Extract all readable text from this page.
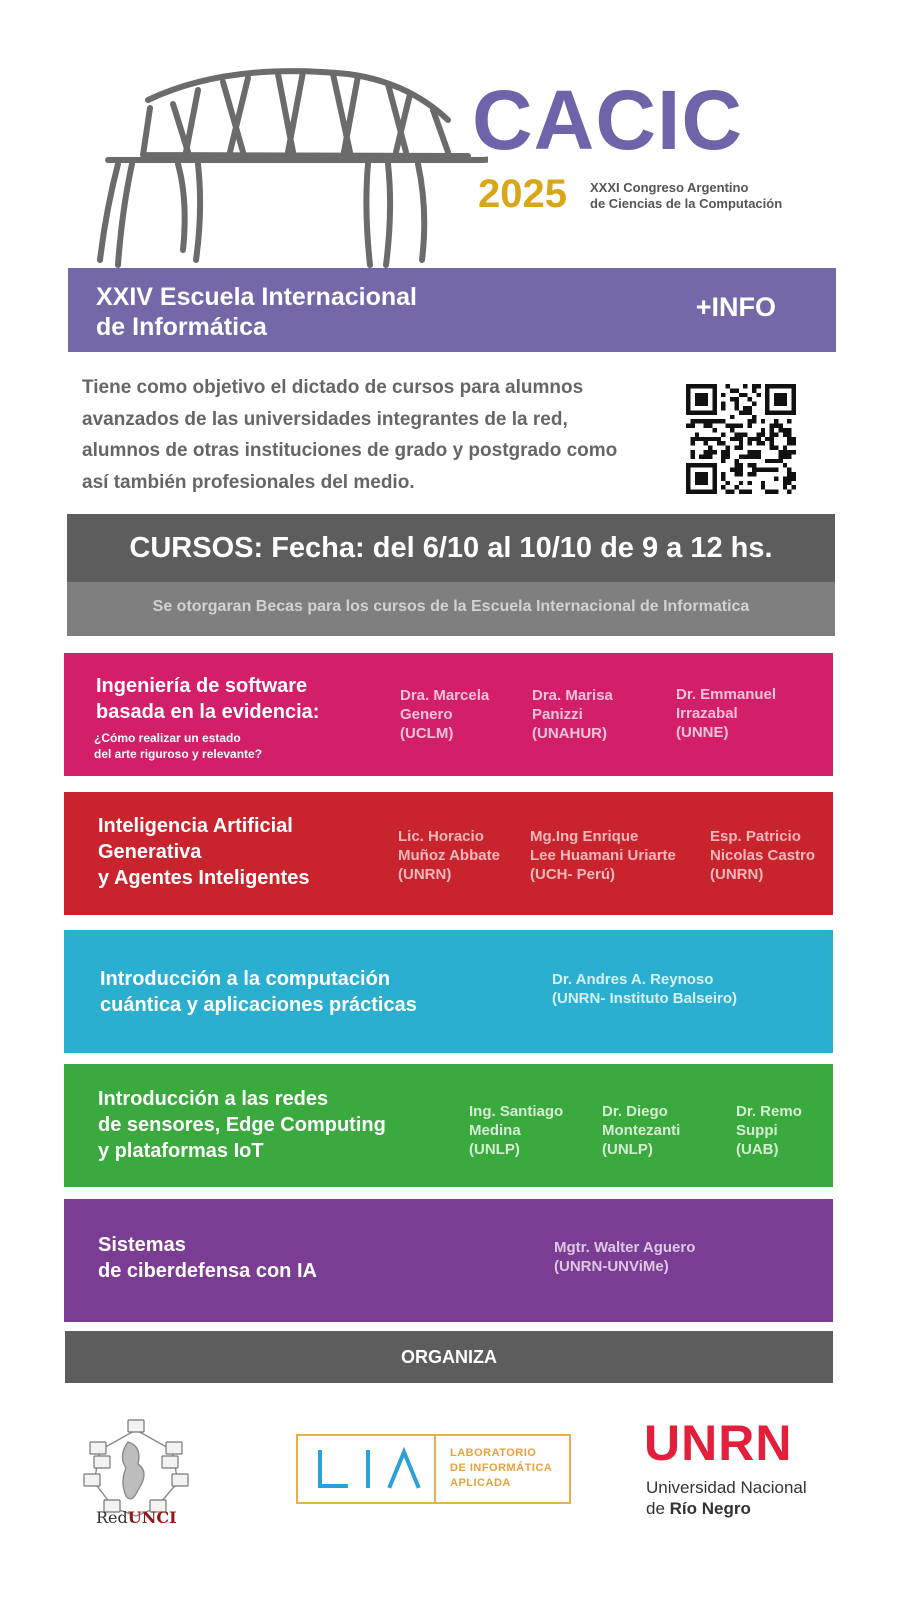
CACIC
2025 XXXI Congreso Argentino
de Ciencias de la Computación
XXIV Escuela Internacional
de Informática
+INFO

Tiene como objetivo el dictado de cursos para alumnos avanzados de las universidades integrantes de la red, alumnos de otras instituciones de grado y postgrado como así también profesionales del medio.

CURSOS: Fecha: del 6/10 al 10/10 de 9 a 12 hs.
Se otorgaran Becas para los cursos de la Escuela Internacional de Informatica
Ingeniería de software
basada en la evidencia:
¿Cómo realizar un estado
del arte riguroso y relevante?
Dra. Marcela
Genero
(UCLM)
Dra. Marisa
Panizzi
(UNAHUR)
Dr. Emmanuel
Irrazabal
(UNNE)
Inteligencia Artificial
Generativa
y Agentes Inteligentes
Lic. Horacio
Muñoz Abbate
(UNRN)
Mg.Ing Enrique
Lee Huamani Uriarte
(UCH- Perú)
Esp. Patricio
Nicolas Castro
(UNRN)
Introducción a la computación
cuántica y aplicaciones prácticas
Dr. Andres A. Reynoso
(UNRN- Instituto Balseiro)
Introducción a las redes
de sensores, Edge Computing
y plataformas IoT
Ing. Santiago
Medina
(UNLP)
Dr. Diego
Montezanti
(UNLP)
Dr. Remo
Suppi
(UAB)
Sistemas
de ciberdefensa con IA
Mgtr. Walter Aguero
(UNRN-UNViMe)
ORGANIZA
RedUNCI
LABORATORIO
DE INFORMÁTICA
APLICADA
UNRN
Universidad Nacional
de Río Negro
